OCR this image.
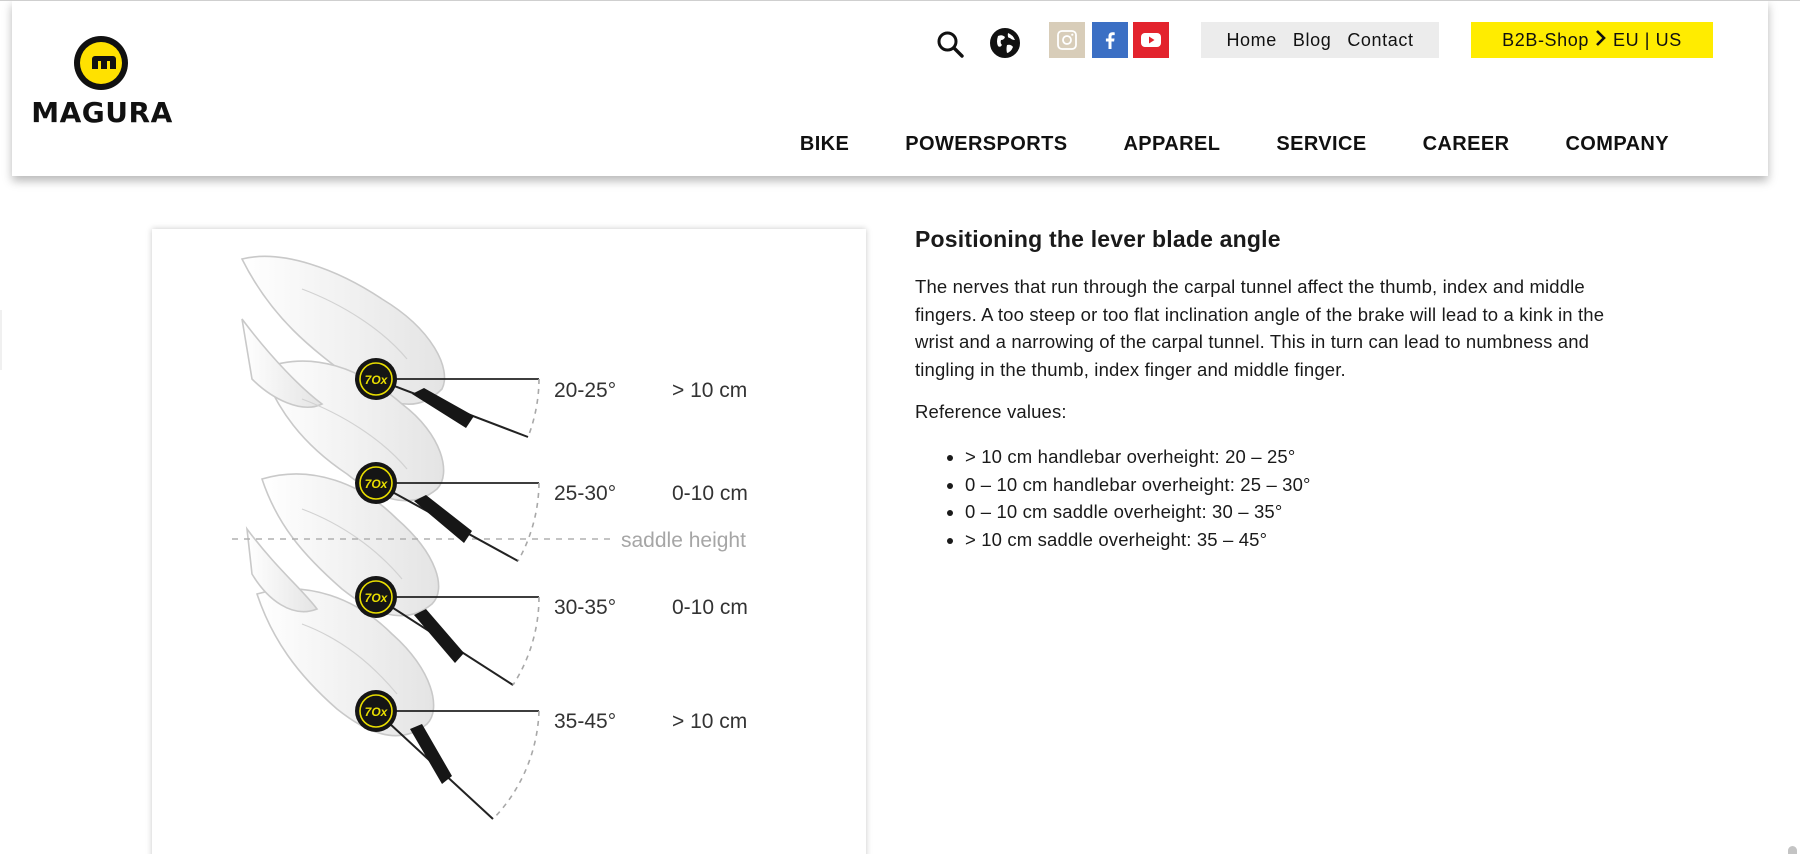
MAGURA
Home Blog Contact	B2B-Shop EU | US
BIKE	POWERSPORTS	APPAREL	SERVICE	CAREER	COMPANY
7Ox
7Ox
7Ox
7Ox
20-25°	> 10 cm
25-30°	0-10 cm
saddle height
30-35°	0-10 cm
35-45°	> 10 cm
Positioning the lever blade angle

The nerves that run through the carpal tunnel affect the thumb, index and middle fingers. A too steep or too flat inclination angle of the brake will lead to a kink in the wrist and a narrowing of the carpal tunnel. This in turn can lead to numbness and tingling in the thumb, index finger and middle finger.

Reference values:

• > 10 cm handlebar overheight: 20 – 25°
• 0 – 10 cm handlebar overheight: 25 – 30°
• 0 – 10 cm saddle overheight: 30 – 35°
• > 10 cm saddle overheight: 35 – 45°
